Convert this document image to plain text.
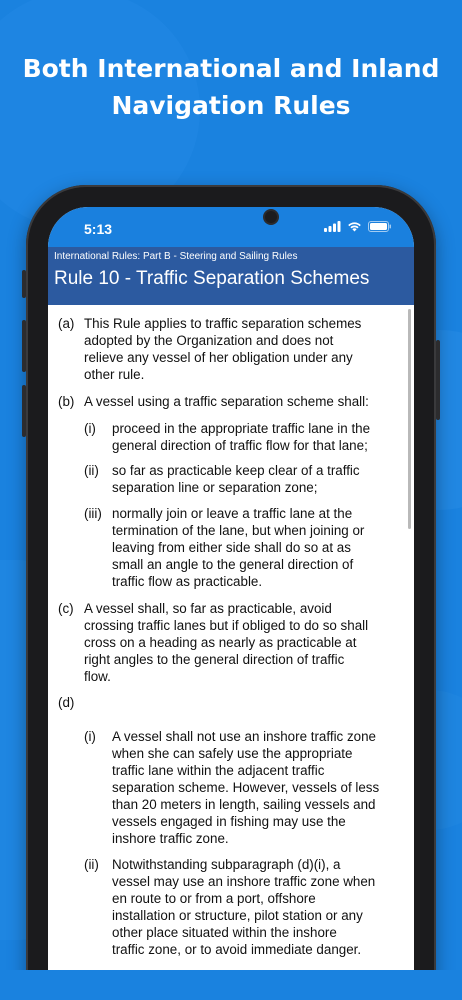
Both International and Inland
Navigation Rules
5:13
International Rules: Part B - Steering and Sailing Rules
Rule 10 - Traffic Separation Schemes
(a) This Rule applies to traffic separation schemes
adopted by the Organization and does not
relieve any vessel of her obligation under any
other rule.
(b) A vessel using a traffic separation scheme shall:
(i)	proceed in the appropriate traffic lane in the
general direction of traffic flow for that lane;
(ii) so far as practicable keep clear of a traffic
separation line or separation zone;
(iii) normally join or leave a traffic lane at the
termination of the lane, but when joining or
leaving from either side shall do so at as
small an angle to the general direction of
traffic flow as practicable.
(c) A vessel shall, so far as practicable, avoid
crossing traffic lanes but if obliged to do so shall
cross on a heading as nearly as practicable at
right angles to the general direction of traffic
flow.
(d)
(i)	A vessel shall not use an inshore traffic zone
when she can safely use the appropriate
traffic lane within the adjacent traffic
separation scheme. However, vessels of less
than 20 meters in length, sailing vessels and
vessels engaged in fishing may use the
inshore traffic zone.
(ii) Notwithstanding subparagraph (d)(i), a
vessel may use an inshore traffic zone when
en route to or from a port, offshore
installation or structure, pilot station or any
other place situated within the inshore
traffic zone, or to avoid immediate danger.
